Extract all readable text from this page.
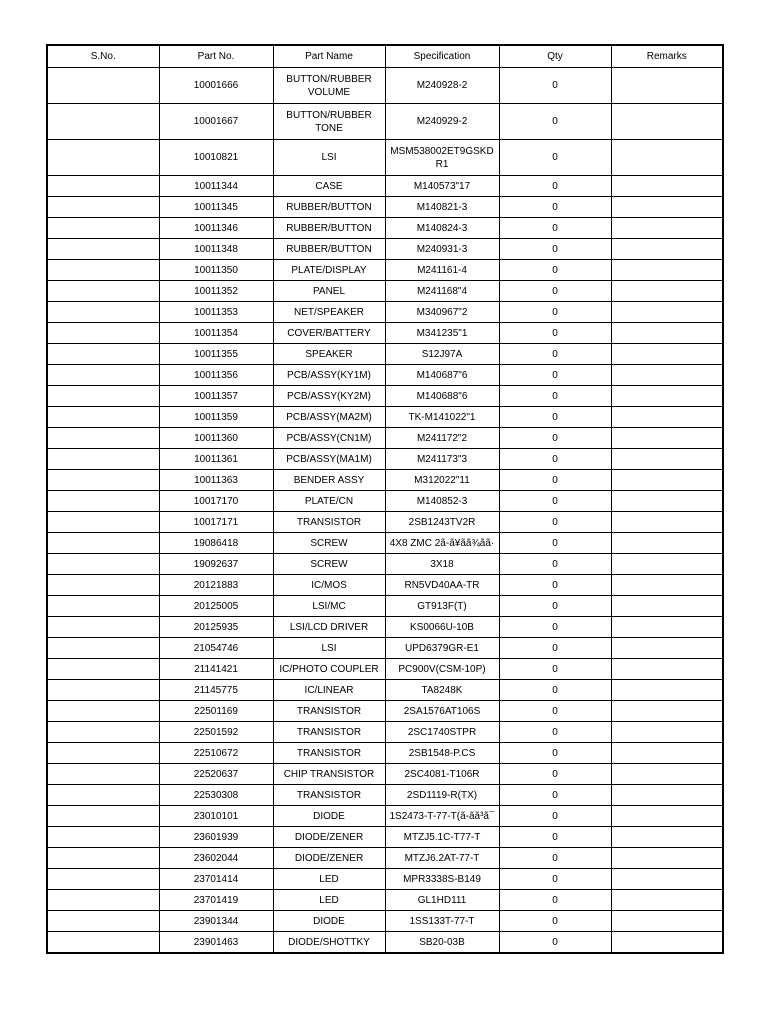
S.No.	Part No.	Part Name	Specification	Qty	Remarks
	10001666	BUTTON/RUBBER VOLUME	M240928-2	0	
	10001667	BUTTON/RUBBER TONE	M240929-2	0	
	10010821	LSI	MSM538002ET9GSKD R1	0	
	10011344	CASE	M140573"17	0	
	10011345	RUBBER/BUTTON	M140821-3	0	
	10011346	RUBBER/BUTTON	M140824-3	0	
	10011348	RUBBER/BUTTON	M240931-3	0	
	10011350	PLATE/DISPLAY	M241161-4	0	
	10011352	PANEL	M241168"4	0	
	10011353	NET/SPEAKER	M340967"2	0	
	10011354	COVER/BATTERY	M341235"1	0	
	10011355	SPEAKER	S12J97A	0	
	10011356	PCB/ASSY(KY1M)	M140687"6	0	
	10011357	PCB/ASSY(KY2M)	M140688"6	0	
	10011359	PCB/ASSY(MA2M)	TK-M141022"1	0	
	10011360	PCB/ASSY(CN1M)	M241172"2	0	
	10011361	PCB/ASSY(MA1M)	M241173"3	0	
	10011363	BENDER ASSY	M312022"11	0	
	10017170	PLATE/CN	M140852-3	0	
	10017171	TRANSISTOR	2SB1243TV2R	0	
	19086418	SCREW	4X8 ZMC 2ã-ã¥ãã¾ãã·	0	
	19092637	SCREW	3X18	0	
	20121883	IC/MOS	RN5VD40AA-TR	0	
	20125005	LSI/MC	GT913F(T)	0	
	20125935	LSI/LCD DRIVER	KS0066U-10B	0	
	21054746	LSI	UPD6379GR-E1	0	
	21141421	IC/PHOTO COUPLER	PC900V(CSM-10P)	0	
	21145775	IC/LINEAR	TA8248K	0	
	22501169	TRANSISTOR	2SA1576AT106S	0	
	22501592	TRANSISTOR	2SC1740STPR	0	
	22510672	TRANSISTOR	2SB1548-P.CS	0	
	22520637	CHIP TRANSISTOR	2SC4081-T106R	0	
	22530308	TRANSISTOR	2SD1119-R(TX)	0	
	23010101	DIODE	1S2473-T-77-T(ã-ãã³ã¯	0	
	23601939	DIODE/ZENER	MTZJ5.1C-T77-T	0	
	23602044	DIODE/ZENER	MTZJ6.2AT-77-T	0	
	23701414	LED	MPR3338S-B149	0	
	23701419	LED	GL1HD111	0	
	23901344	DIODE	1SS133T-77-T	0	
	23901463	DIODE/SHOTTKY	SB20-03B	0	
